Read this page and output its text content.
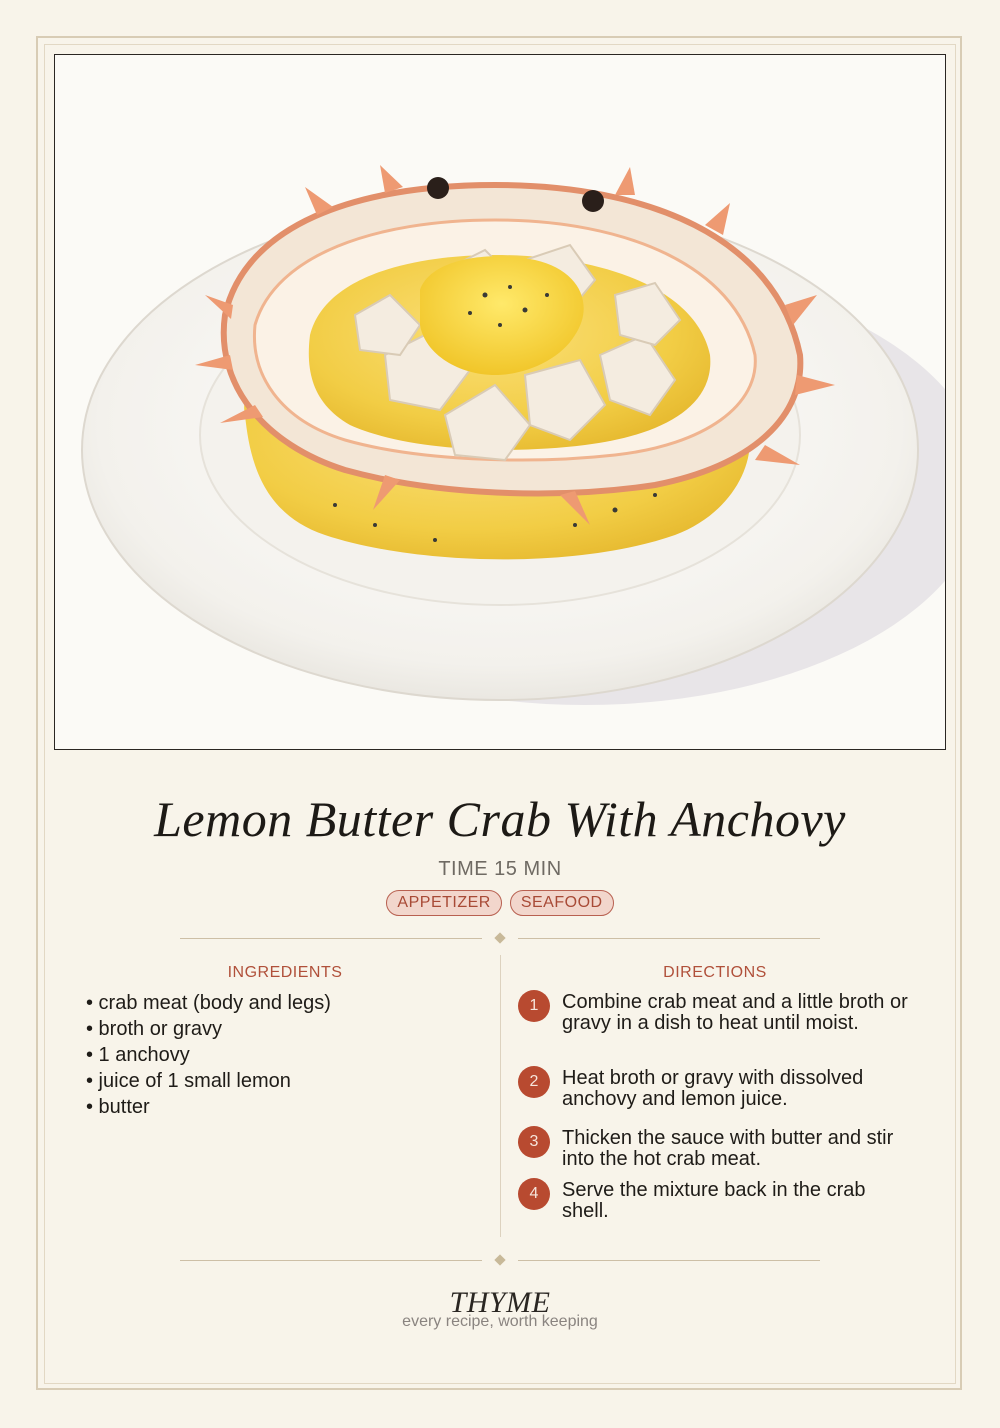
Lemon Butter Crab With Anchovy
TIME 15 MIN
APPETIZER	SEAFOOD
INGREDIENTS
• crab meat (body and legs)
• broth or gravy
• 1 anchovy
• juice of 1 small lemon
• butter
DIRECTIONS
1	Combine crab meat and a little broth or gravy in a dish to heat until moist.
2	Heat broth or gravy with dissolved anchovy and lemon juice.
3	Thicken the sauce with butter and stir into the hot crab meat.
4	Serve the mixture back in the crab shell.
THYME
every recipe, worth keeping
